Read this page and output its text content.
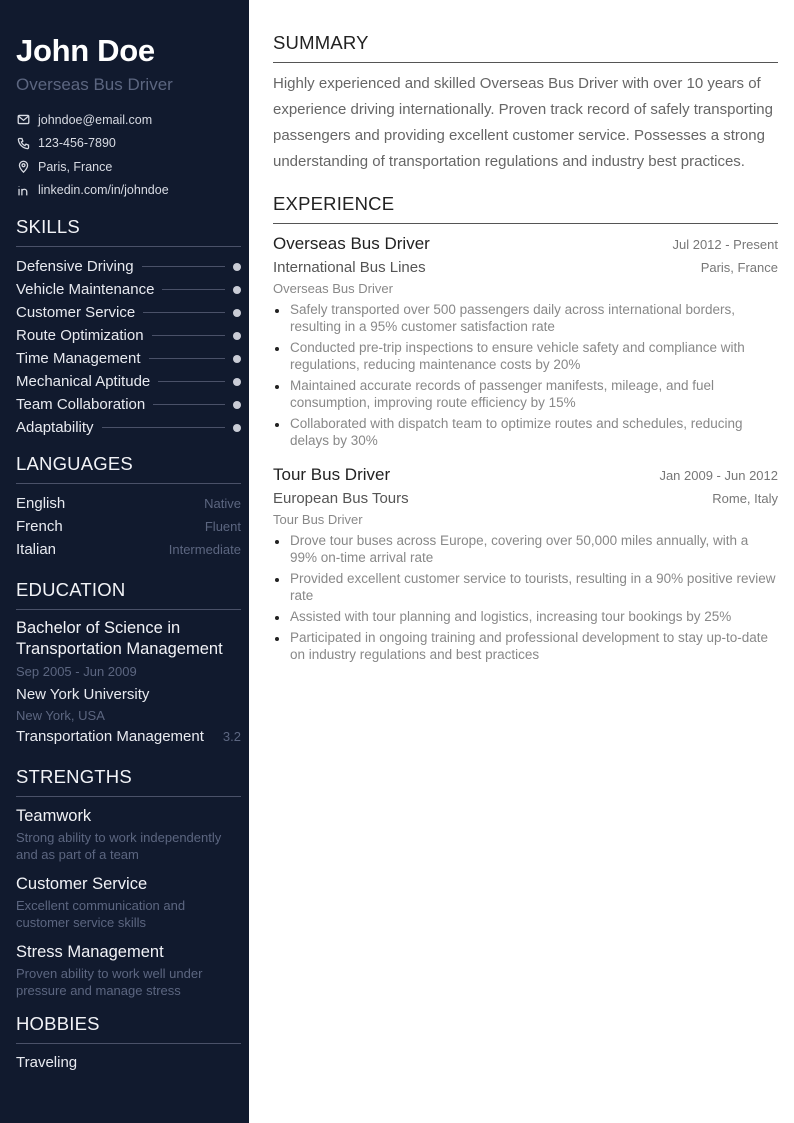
John Doe
Overseas Bus Driver
johndoe@email.com
123-456-7890
Paris, France
linkedin.com/in/johndoe
SKILLS
Defensive Driving
Vehicle Maintenance
Customer Service
Route Optimization
Time Management
Mechanical Aptitude
Team Collaboration
Adaptability
LANGUAGES
English	Native
French	Fluent
Italian	Intermediate
EDUCATION
Bachelor of Science in Transportation Management
Sep 2005 - Jun 2009
New York University
New York, USA
Transportation Management 3.2
STRENGTHS
Teamwork
Strong ability to work independently and as part of a team
Customer Service
Excellent communication and customer service skills
Stress Management
Proven ability to work well under pressure and manage stress
HOBBIES
Traveling
SUMMARY

Highly experienced and skilled Overseas Bus Driver with over 10 years of experience driving internationally. Proven track record of safely transporting passengers and providing excellent customer service. Possesses a strong understanding of transportation regulations and industry best practices.

EXPERIENCE
Overseas Bus Driver	Jul 2012 - Present
International Bus Lines	Paris, France
Overseas Bus Driver
Safely transported over 500 passengers daily across international borders, resulting in a 95% customer satisfaction rate
Conducted pre-trip inspections to ensure vehicle safety and compliance with regulations, reducing maintenance costs by 20%
Maintained accurate records of passenger manifests, mileage, and fuel consumption, improving route efficiency by 15%
Collaborated with dispatch team to optimize routes and schedules, reducing delays by 30%
Tour Bus Driver	Jan 2009 - Jun 2012
European Bus Tours	Rome, Italy
Tour Bus Driver
Drove tour buses across Europe, covering over 50,000 miles annually, with a 99% on-time arrival rate
Provided excellent customer service to tourists, resulting in a 90% positive review rate
Assisted with tour planning and logistics, increasing tour bookings by 25%
Participated in ongoing training and professional development to stay up-to-date on industry regulations and best practices
